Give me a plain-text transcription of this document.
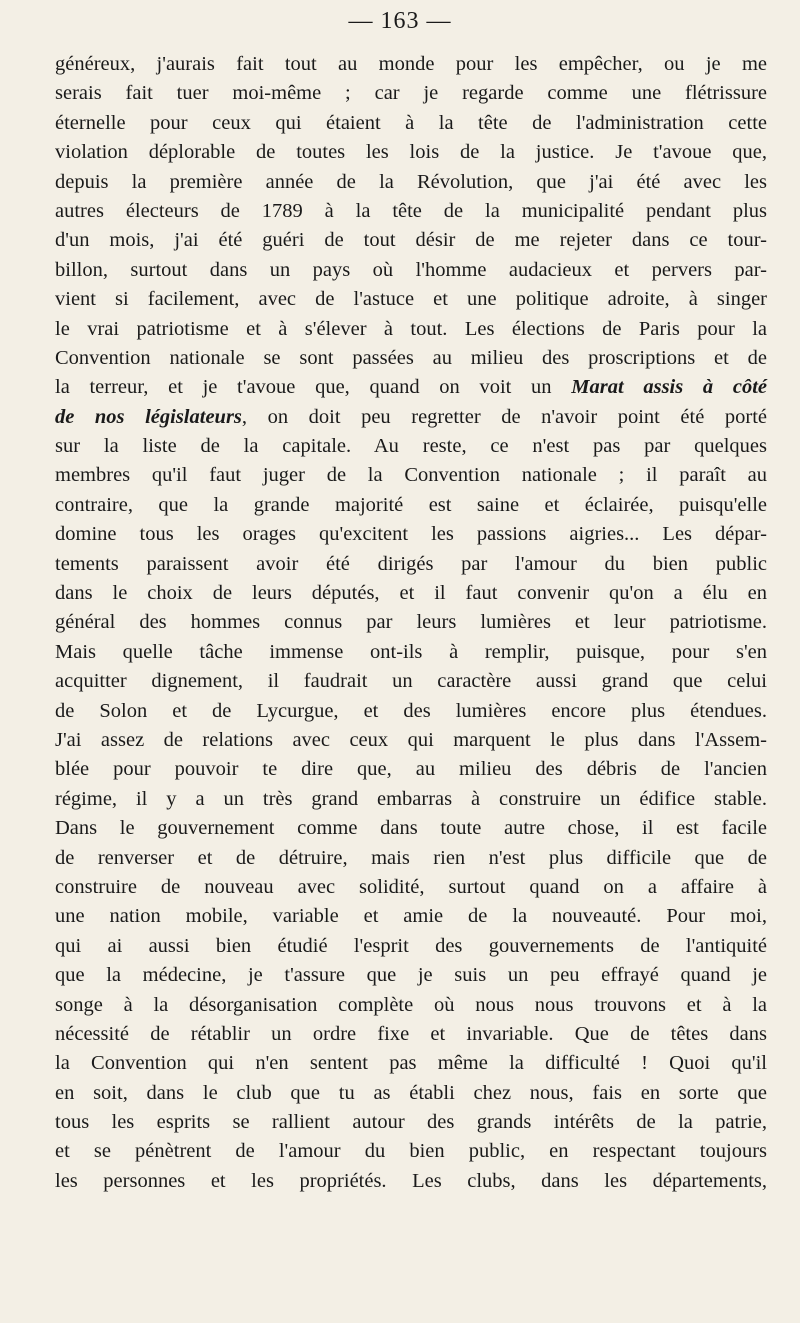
— 163 —
généreux, j'aurais fait tout au monde pour les empêcher, ou je me
serais fait tuer moi-même ; car je regarde comme une flétrissure
éternelle pour ceux qui étaient à la tête de l'administration cette
violation déplorable de toutes les lois de la justice. Je t'avoue que,
depuis la première année de la Révolution, que j'ai été avec les
autres électeurs de 1789 à la tête de la municipalité pendant plus
d'un mois, j'ai été guéri de tout désir de me rejeter dans ce tour-
billon, surtout dans un pays où l'homme audacieux et pervers par-
vient si facilement, avec de l'astuce et une politique adroite, à singer
le vrai patriotisme et à s'élever à tout. Les élections de Paris pour la
Convention nationale se sont passées au milieu des proscriptions et de
la terreur, et je t'avoue que, quand on voit un Marat assis à côté
de nos législateurs, on doit peu regretter de n'avoir point été porté
sur la liste de la capitale. Au reste, ce n'est pas par quelques
membres qu'il faut juger de la Convention nationale ; il paraît au
contraire, que la grande majorité est saine et éclairée, puisqu'elle
domine tous les orages qu'excitent les passions aigries... Les dépar-
tements paraissent avoir été dirigés par l'amour du bien public
dans le choix de leurs députés, et il faut convenir qu'on a élu en
général des hommes connus par leurs lumières et leur patriotisme.
Mais quelle tâche immense ont-ils à remplir, puisque, pour s'en
acquitter dignement, il faudrait un caractère aussi grand que celui
de Solon et de Lycurgue, et des lumières encore plus étendues.
J'ai assez de relations avec ceux qui marquent le plus dans l'Assem-
blée pour pouvoir te dire que, au milieu des débris de l'ancien
régime, il y a un très grand embarras à construire un édifice stable.
Dans le gouvernement comme dans toute autre chose, il est facile
de renverser et de détruire, mais rien n'est plus difficile que de
construire de nouveau avec solidité, surtout quand on a affaire à
une nation mobile, variable et amie de la nouveauté. Pour moi,
qui ai aussi bien étudié l'esprit des gouvernements de l'antiquité
que la médecine, je t'assure que je suis un peu effrayé quand je
songe à la désorganisation complète où nous nous trouvons et à la
nécessité de rétablir un ordre fixe et invariable. Que de têtes dans
la Convention qui n'en sentent pas même la difficulté ! Quoi qu'il
en soit, dans le club que tu as établi chez nous, fais en sorte que
tous les esprits se rallient autour des grands intérêts de la patrie,
et se pénètrent de l'amour du bien public, en respectant toujours
les personnes et les propriétés. Les clubs, dans les départements,
